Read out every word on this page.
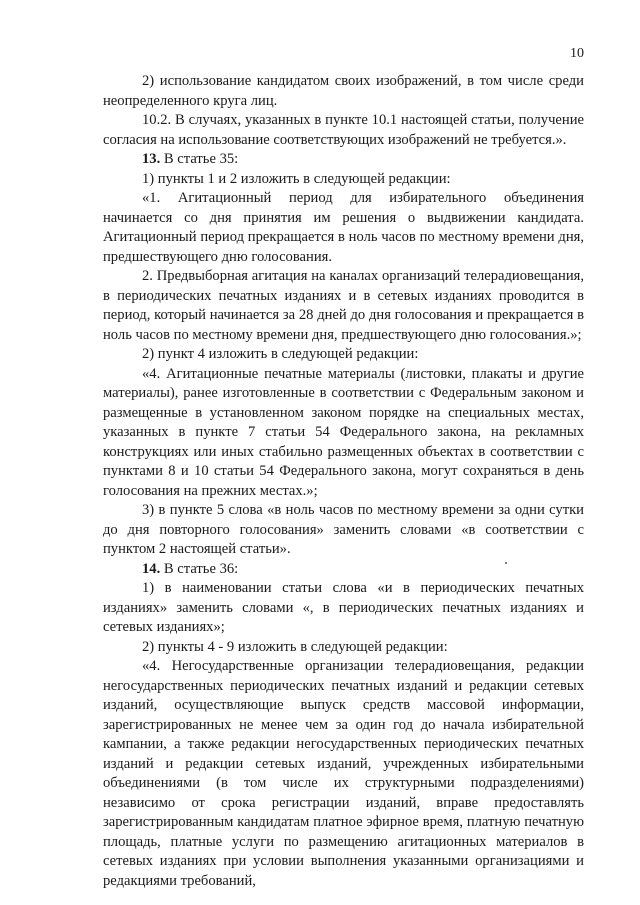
10

2) использование кандидатом своих изображений, в том числе среди неопределенного круга лиц.

10.2. В случаях, указанных в пункте 10.1 настоящей статьи, получение согласия на использование соответствующих изображений не требуется.».

13. В статье 35:

1) пункты 1 и 2 изложить в следующей редакции:

«1. Агитационный период для избирательного объединения начинается со дня принятия им решения о выдвижении кандидата. Агитационный период прекращается в ноль часов по местному времени дня, предшествующего дню голосования.

2. Предвыборная агитация на каналах организаций телерадиовещания, в периодических печатных изданиях и в сетевых изданиях проводится в период, который начинается за 28 дней до дня голосования и прекращается в ноль часов по местному времени дня, предшествующего дню голосования.»;

2) пункт 4 изложить в следующей редакции:

«4. Агитационные печатные материалы (листовки, плакаты и другие материалы), ранее изготовленные в соответствии с Федеральным законом и размещенные в установленном законом порядке на специальных местах, указанных в пункте 7 статьи 54 Федерального закона, на рекламных конструкциях или иных стабильно размещенных объектах в соответствии с пунктами 8 и 10 статьи 54 Федерального закона, могут сохраняться в день голосования на прежних местах.»;

3) в пункте 5 слова «в ноль часов по местному времени за одни сутки до дня повторного голосования» заменить словами «в соответствии с пунктом 2 настоящей статьи».

14. В статье 36:

1) в наименовании статьи слова «и в периодических печатных изданиях» заменить словами «, в периодических печатных изданиях и сетевых изданиях»;

2) пункты 4 - 9 изложить в следующей редакции:

«4. Негосударственные организации телерадиовещания, редакции негосударственных периодических печатных изданий и редакции сетевых изданий, осуществляющие выпуск средств массовой информации, зарегистрированных не менее чем за один год до начала избирательной кампании, а также редакции негосударственных периодических печатных изданий и редакции сетевых изданий, учрежденных избирательными объединениями (в том числе их структурными подразделениями) независимо от срока регистрации изданий, вправе предоставлять зарегистрированным кандидатам платное эфирное время, платную печатную площадь, платные услуги по размещению агитационных материалов в сетевых изданиях при условии выполнения указанными организациями и редакциями требований,
